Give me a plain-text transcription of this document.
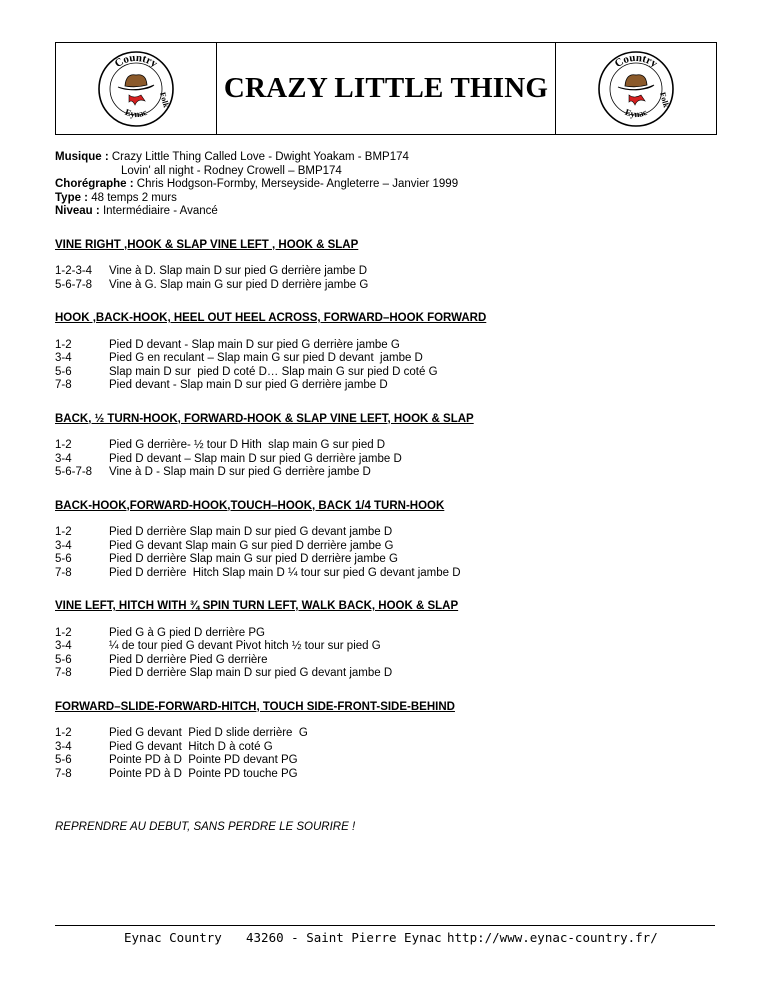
Country
Eynac
Folk CRAZY LITTLE THING
Country
Eynac
Folk
Musique : Crazy Little Thing Called Love - Dwight Yoakam - BMP174
Lovin' all night - Rodney Crowell – BMP174
Chorégraphe : Chris Hodgson-Formby, Merseyside- Angleterre – Janvier 1999
Type : 48 temps 2 murs
Niveau : Intermédiaire - Avancé
VINE RIGHT ,HOOK & SLAP VINE LEFT , HOOK & SLAP
1-2-3-4	Vine à D. Slap main D sur pied G derrière jambe D
5-6-7-8	Vine à G. Slap main G sur pied D derrière jambe G
HOOK ,BACK-HOOK, HEEL OUT HEEL ACROSS, FORWARD–HOOK FORWARD
1-2	Pied D devant - Slap main D sur pied G derrière jambe G
3-4	Pied G en reculant – Slap main G sur pied D devant  jambe D
5-6	Slap main D sur  pied D coté D… Slap main G sur pied D coté G
7-8	Pied devant - Slap main D sur pied G derrière jambe D
BACK, ½ TURN-HOOK, FORWARD-HOOK & SLAP VINE LEFT, HOOK & SLAP
1-2	Pied G derrière- ½ tour D Hith  slap main G sur pied D
3-4	Pied D devant – Slap main D sur pied G derrière jambe D
5-6-7-8	Vine à D - Slap main D sur pied G derrière jambe D
BACK-HOOK,FORWARD-HOOK,TOUCH–HOOK, BACK 1/4 TURN-HOOK
1-2	Pied D derrière Slap main D sur pied G devant jambe D
3-4	Pied G devant Slap main G sur pied D derrière jambe G
5-6	Pied D derrière Slap main G sur pied D derrière jambe G
7-8	Pied D derrière  Hitch Slap main D ¼ tour sur pied G devant jambe D
VINE LEFT, HITCH WITH ¾ SPIN TURN LEFT, WALK BACK, HOOK & SLAP
1-2	Pied G à G pied D derrière PG
3-4	¼ de tour pied G devant Pivot hitch ½ tour sur pied G
5-6	Pied D derrière Pied G derrière
7-8	Pied D derrière Slap main D sur pied G devant jambe D
FORWARD–SLIDE-FORWARD-HITCH, TOUCH SIDE-FRONT-SIDE-BEHIND
1-2	Pied G devant  Pied D slide derrière  G
3-4	Pied G devant  Hitch D à coté G
5-6	Pointe PD à D  Pointe PD devant PG
7-8	Pointe PD à D  Pointe PD touche PG
REPRENDRE AU DEBUT, SANS PERDRE LE SOURIRE !
Eynac Country 43260 - Saint Pierre Eynac http://www.eynac-country.fr/
